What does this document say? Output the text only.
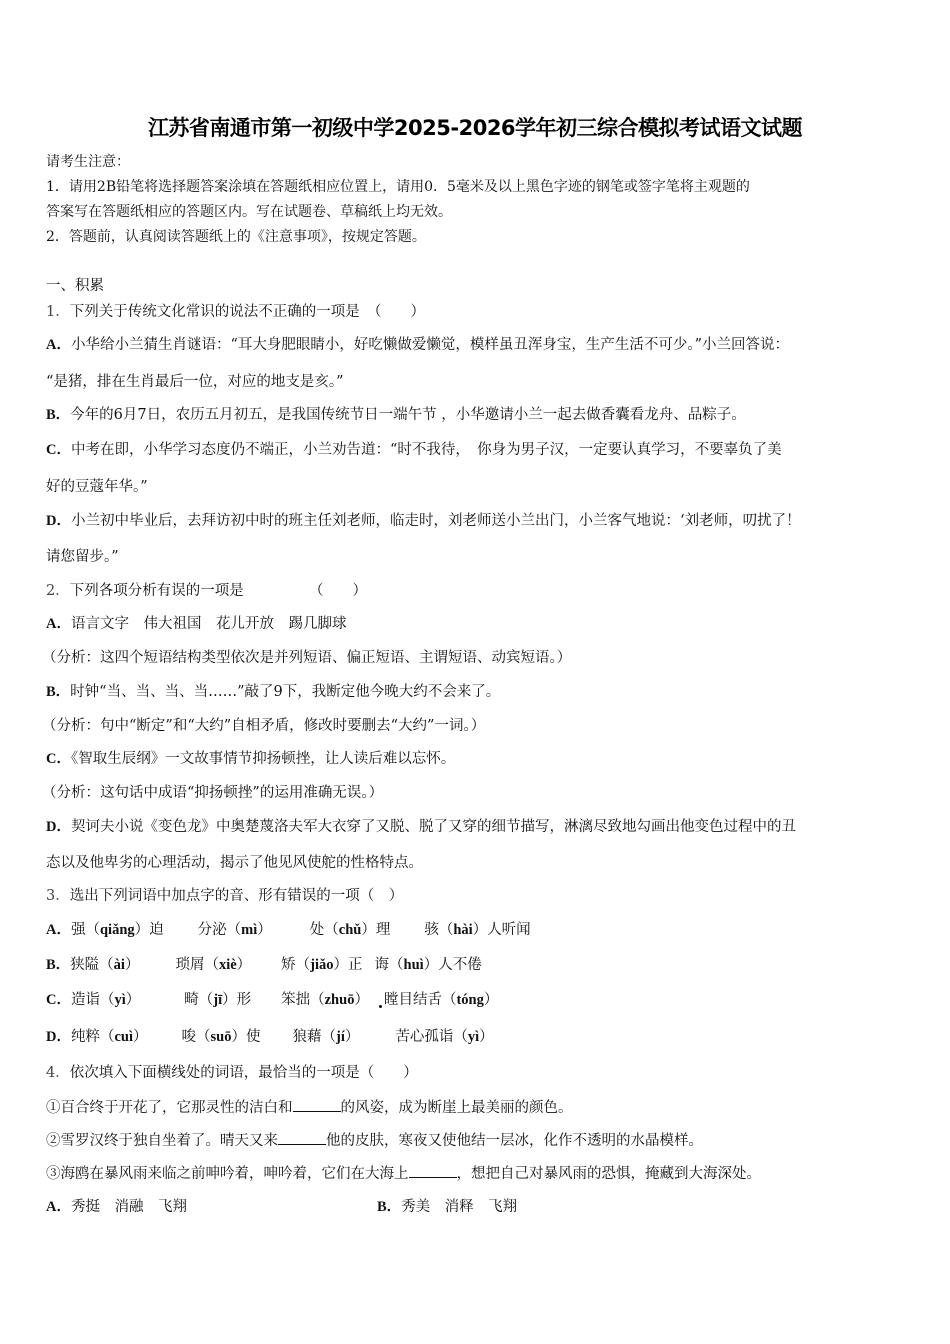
江苏省南通市第一初级中学2025-2026学年初三综合模拟考试语文试题
请考生注意：
1．请用2B铅笔将选择题答案涂填在答题纸相应位置上，请用0．5毫米及以上黑色字迹的钢笔或签字笔将主观题的
答案写在答题纸相应的答题区内。写在试题卷、草稿纸上均无效。
2．答题前，认真阅读答题纸上的《注意事项》，按规定答题。
一、积累
1．下列关于传统文化常识的说法不正确的一项是　（　　）
A．小华给小兰猜生肖谜语：“耳大身肥眼睛小，好吃懒做爱懒觉，模样虽丑浑身宝，生产生活不可少。”小兰回答说：
“是猪，排在生肖最后一位，对应的地支是亥。”
B．今年的6月7日，农历五月初五，是我国传统节日一端午节 ，小华邀请小兰一起去做香囊看龙舟、品粽子。
C．中考在即，小华学习态度仍不端正，小兰劝告道：“时不我待，　你身为男子汉，一定要认真学习，不要辜负了美
好的豆蔻年华。”
D．小兰初中毕业后，去拜访初中时的班主任刘老师，临走时，刘老师送小兰出门，小兰客气地说：‘刘老师，叨扰了！
请您留步。”
2．下列各项分析有误的一项是　　　　　（　　）
A．语言文字　伟大祖国　花儿开放　踢几脚球
（分析：这四个短语结构类型依次是并列短语、偏正短语、主谓短语、动宾短语。）
B．时钟“当、当、当、当……”敲了9下，我断定他今晚大约不会来了。
（分析：句中“断定”和“大约”自相矛盾，修改时要删去“大约”一词。）
C．《智取生辰纲》一文故事情节抑扬顿挫，让人读后难以忘怀。
（分析：这句话中成语“抑扬顿挫”的运用准确无误。）
D．契诃夫小说《变色龙》中奥楚蔑洛夫军大衣穿了又脱、脱了又穿的细节描写，淋漓尽致地勾画出他变色过程中的丑
态以及他卑劣的心理活动，揭示了他见风使舵的性格特点。
3．选出下列词语中加点字的音、形有错误的一项（　）
A．强（qiǎng）迫 分泌（mì）	处（chǔ）理 骇（hài）人听闻
B．狭隘（ài） 琐屑（xiè） 矫（jiǎo）正 诲（huì）人不倦
C．造诣（yì）	畸（jī）形 笨拙（zhuō） 瞠目结舌（tóng）
D．纯粹（cuì） 唆（suō）使 狼藉（jí） 苦心孤诣（yì）
4．依次填入下面横线处的词语，最恰当的一项是（　　）
①百合终于开花了，它那灵性的洁白和	的风姿，成为断崖上最美丽的颜色。
②雪罗汉终于独自坐着了。晴天又来	他的皮肤，寒夜又使他结一层冰，化作不透明的水晶模样。
③海鸥在暴风雨来临之前呻吟着，呻吟着，它们在大海上	，想把自己对暴风雨的恐惧，掩藏到大海深处。
A．秀挺　消融　飞翔	B．秀美　消释　飞翔
